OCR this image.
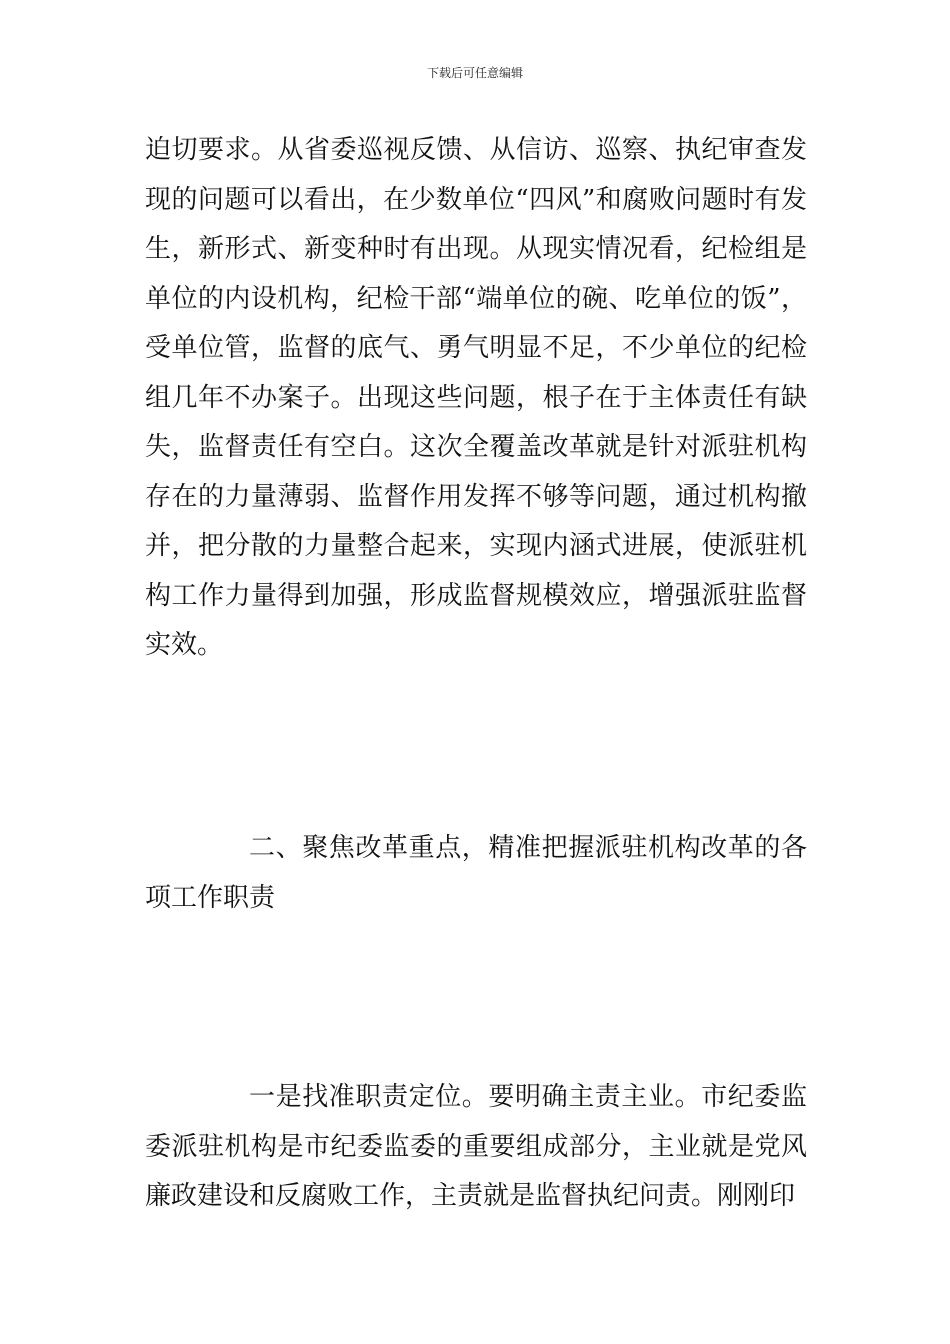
下载后可任意编辑
迫切要求。从省委巡视反馈、从信访、巡察、执纪审查发现的问题可以看出，在少数单位“四风”和腐败问题时有发生，新形式、新变种时有出现。从现实情况看，纪检组是单位的内设机构，纪检干部“端单位的碗、吃单位的饭”，受单位管，监督的底气、勇气明显不足，不少单位的纪检组几年不办案子。出现这些问题，根子在于主体责任有缺失，监督责任有空白。这次全覆盖改革就是针对派驻机构存在的力量薄弱、监督作用发挥不够等问题，通过机构撤并，把分散的力量整合起来，实现内涵式进展，使派驻机构工作力量得到加强，形成监督规模效应，增强派驻监督实效。
二、聚焦改革重点，精准把握派驻机构改革的各项工作职责
一是找准职责定位。要明确主责主业。市纪委监委派驻机构是市纪委监委的重要组成部分，主业就是党风廉政建设和反腐败工作，主责就是监督执纪问责。刚刚印
